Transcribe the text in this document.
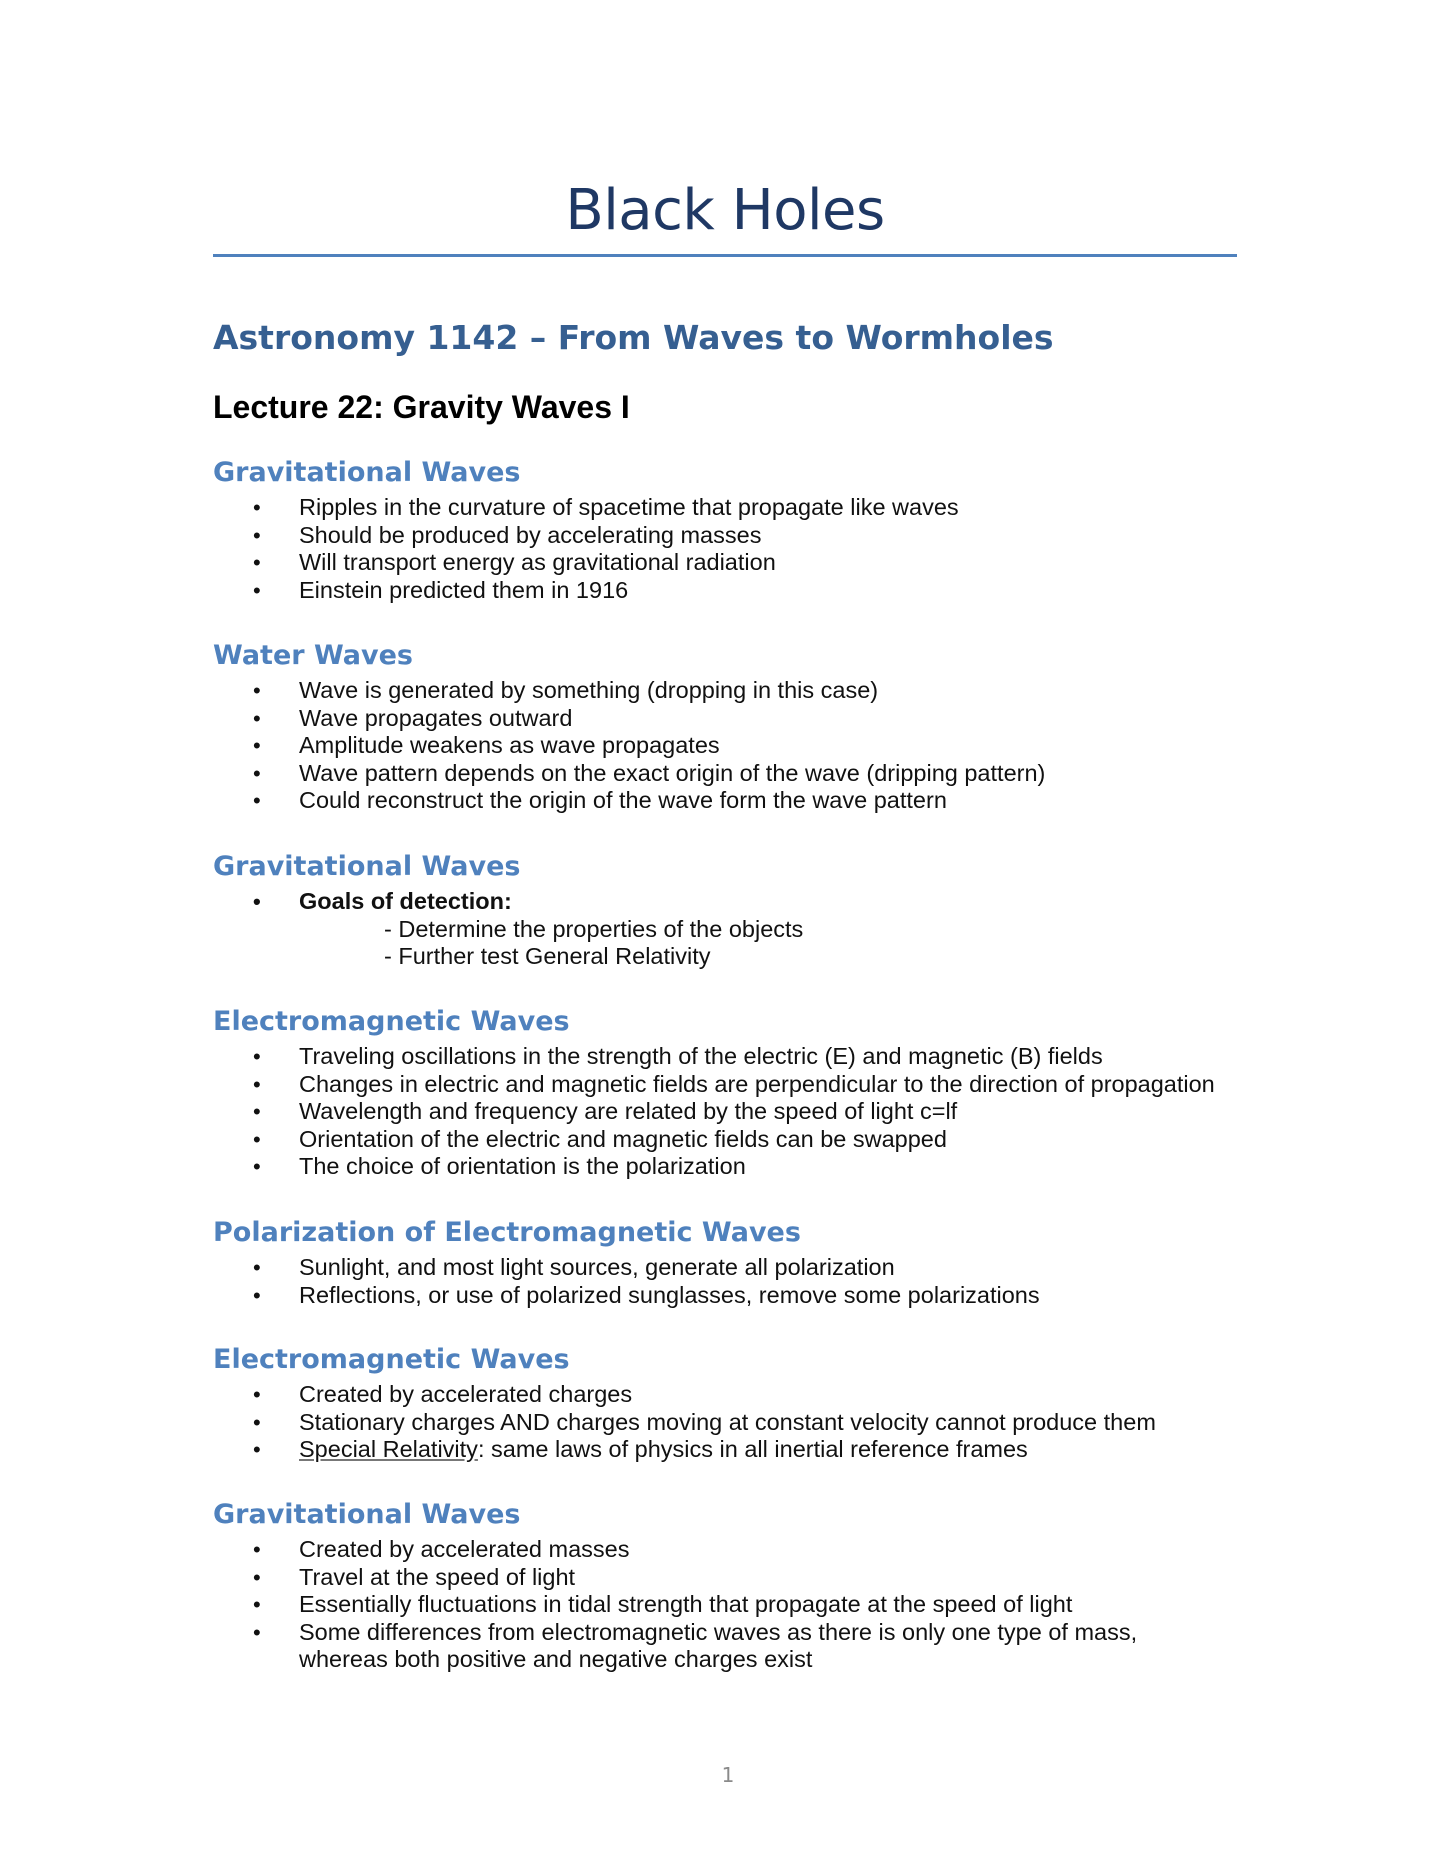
Black Holes
Astronomy 1142 – From Waves to Wormholes
Lecture 22: Gravity Waves I
Gravitational Waves
• Ripples in the curvature of spacetime that propagate like waves
• Should be produced by accelerating masses
• Will transport energy as gravitational radiation
• Einstein predicted them in 1916
Water Waves
• Wave is generated by something (dropping in this case)
• Wave propagates outward
• Amplitude weakens as wave propagates
• Wave pattern depends on the exact origin of the wave (dripping pattern)
• Could reconstruct the origin of the wave form the wave pattern
Gravitational Waves
• Goals of detection:
- Determine the properties of the objects
- Further test General Relativity
Electromagnetic Waves
• Traveling oscillations in the strength of the electric (E) and magnetic (B) fields
• Changes in electric and magnetic fields are perpendicular to the direction of propagation
• Wavelength and frequency are related by the speed of light c=lf
• Orientation of the electric and magnetic fields can be swapped
• The choice of orientation is the polarization
Polarization of Electromagnetic Waves
• Sunlight, and most light sources, generate all polarization
• Reflections, or use of polarized sunglasses, remove some polarizations
Electromagnetic Waves
• Created by accelerated charges
• Stationary charges AND charges moving at constant velocity cannot produce them
• Special Relativity: same laws of physics in all inertial reference frames
Gravitational Waves
• Created by accelerated masses
• Travel at the speed of light
• Essentially fluctuations in tidal strength that propagate at the speed of light
• Some differences from electromagnetic waves as there is only one type of mass,
whereas both positive and negative charges exist
1
